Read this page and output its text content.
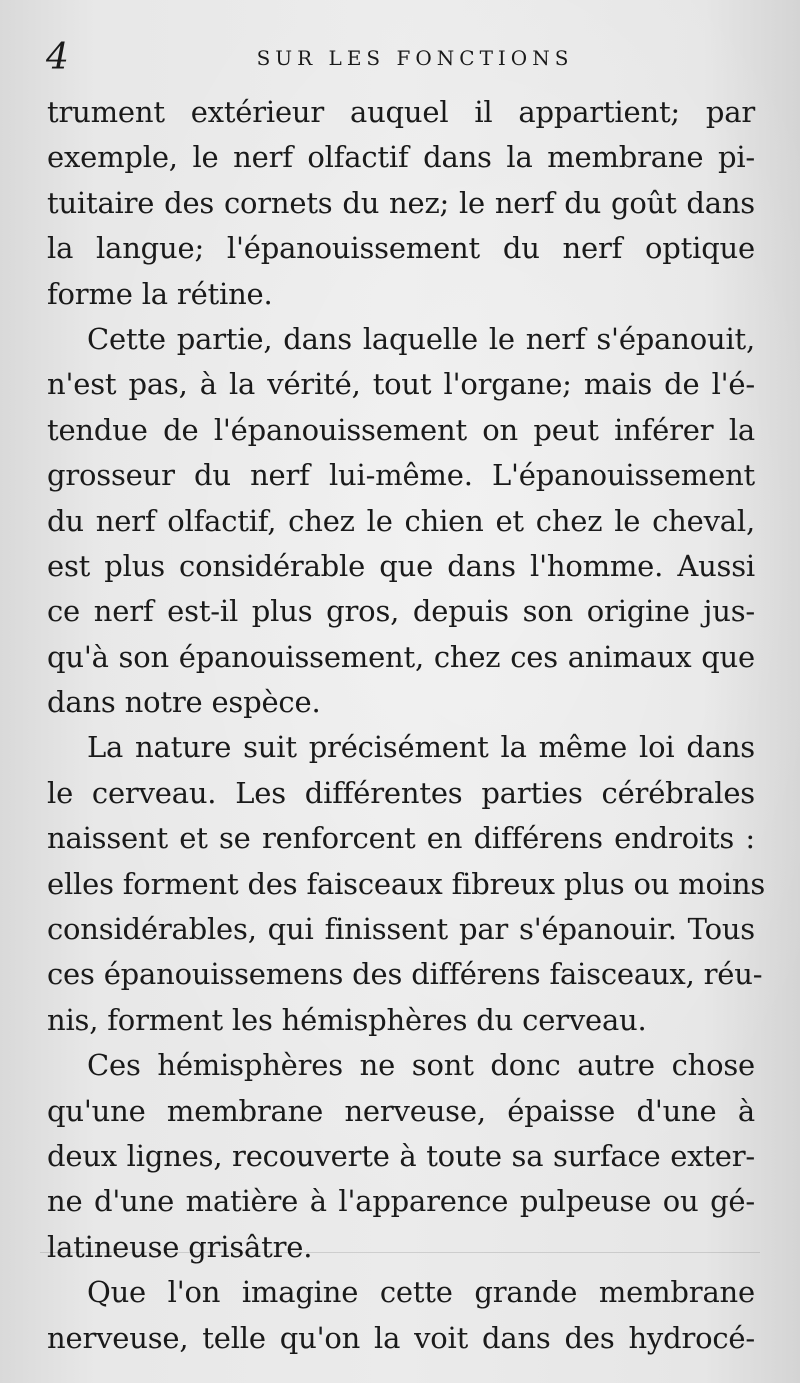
4	SUR LES FONCTIONS
trument extérieur auquel il appartient; par
exemple, le nerf olfactif dans la membrane pi-
tuitaire des cornets du nez; le nerf du goût dans
la langue; l'épanouissement du nerf optique
forme la rétine.
Cette partie, dans laquelle le nerf s'épanouit,
n'est pas, à la vérité, tout l'organe; mais de l'é-
tendue de l'épanouissement on peut inférer la
grosseur du nerf lui-même. L'épanouissement
du nerf olfactif, chez le chien et chez le cheval,
est plus considérable que dans l'homme. Aussi
ce nerf est-il plus gros, depuis son origine jus-
qu'à son épanouissement, chez ces animaux que
dans notre espèce.
La nature suit précisément la même loi dans
le cerveau. Les différentes parties cérébrales
naissent et se renforcent en différens endroits :
elles forment des faisceaux fibreux plus ou moins
considérables, qui finissent par s'épanouir. Tous
ces épanouissemens des différens faisceaux, réu-
nis, forment les hémisphères du cerveau.
Ces hémisphères ne sont donc autre chose
qu'une membrane nerveuse, épaisse d'une à
deux lignes, recouverte à toute sa surface exter-
ne d'une matière à l'apparence pulpeuse ou gé-
latineuse grisâtre.
Que l'on imagine cette grande membrane
nerveuse, telle qu'on la voit dans des hydrocé-
